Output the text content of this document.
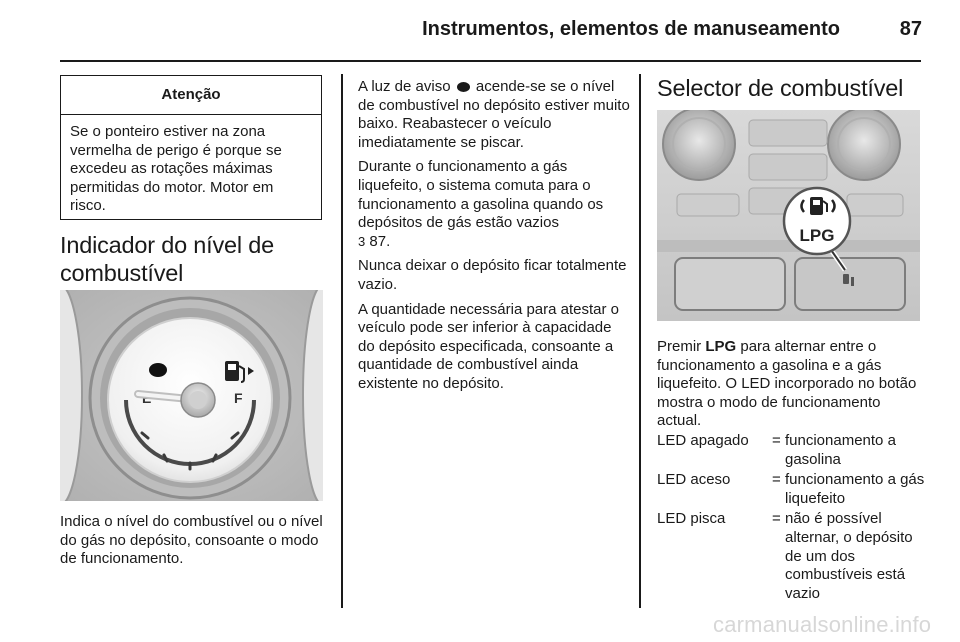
Instrumentos, elementos de manuseamento	87
Atenção
Se o ponteiro estiver na zona vermelha de perigo é porque se excedeu as rotações máximas permitidas do motor. Motor em risco.
Indicador do nível de combustível
F
Indica o nível do combustível ou o nível do gás no depósito, consoante o modo de funcionamento.

A luz de aviso acende-se se o nível de combustível no depósito estiver muito baixo. Reabastecer o veículo imediatamente se piscar.

Durante o funcionamento a gás liquefeito, o sistema comuta para o funcionamento a gasolina quando os depósitos de gás estão vazios
3 87.

Nunca deixar o depósito ficar totalmente vazio.

A quantidade necessária para atestar o veículo pode ser inferior à capacidade do depósito especificada, consoante a quantidade de combustível ainda existente no depósito.

Selector de combustível
LPG
Premir LPG para alternar entre o funcionamento a gasolina e a gás liquefeito. O LED incorporado no botão mostra o modo de funcionamento actual.
LED apagado	= funcionamento a gasolina
LED aceso	= funcionamento a gás liquefeito
LED pisca	= não é possível alternar, o depósito de um dos combustíveis está vazio
carmanualsonline.info
